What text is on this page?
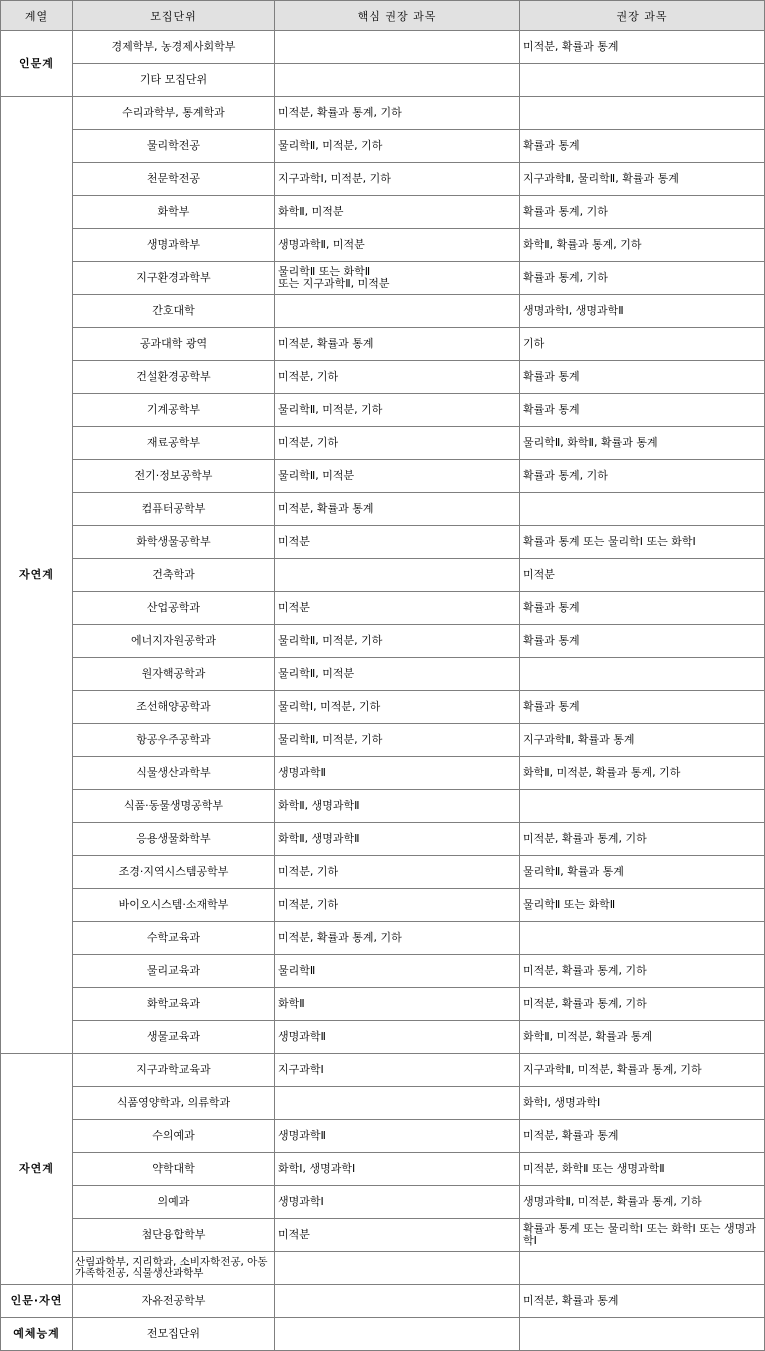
계열	모집단위	핵심 권장 과목	권장 과목
인문계	경제학부, 농경제사회학부		미적분, 확률과 통계
	기타 모집단위		
자연계	수리과학부, 통계학과	미적분, 확률과 통계, 기하	
	물리학전공	물리학Ⅱ, 미적분, 기하	확률과 통계
	천문학전공	지구과학Ⅰ, 미적분, 기하	지구과학Ⅱ, 물리학Ⅱ, 확률과 통계
	화학부	화학Ⅱ, 미적분	확률과 통계, 기하
	생명과학부	생명과학Ⅱ, 미적분	화학Ⅱ, 확률과 통계, 기하
	지구환경과학부	물리학Ⅱ 또는 화학Ⅱ
또는 지구과학Ⅱ, 미적분	확률과 통계, 기하
	간호대학		생명과학Ⅰ, 생명과학Ⅱ
	공과대학 광역	미적분, 확률과 통계	기하
	건설환경공학부	미적분, 기하	확률과 통계
	기계공학부	물리학Ⅱ, 미적분, 기하	확률과 통계
	재료공학부	미적분, 기하	물리학Ⅱ, 화학Ⅱ, 확률과 통계
	전기·정보공학부	물리학Ⅱ, 미적분	확률과 통계, 기하
	컴퓨터공학부	미적분, 확률과 통계	
	화학생물공학부	미적분	확률과 통계 또는 물리학Ⅰ 또는 화학Ⅰ
	건축학과		미적분
	산업공학과	미적분	확률과 통계
	에너지자원공학과	물리학Ⅱ, 미적분, 기하	확률과 통계
	원자핵공학과	물리학Ⅱ, 미적분	
	조선해양공학과	물리학Ⅰ, 미적분, 기하	확률과 통계
	항공우주공학과	물리학Ⅱ, 미적분, 기하	지구과학Ⅱ, 확률과 통계
	식물생산과학부	생명과학Ⅱ	화학Ⅱ, 미적분, 확률과 통계, 기하
	식품·동물생명공학부	화학Ⅱ, 생명과학Ⅱ	
	응용생물화학부	화학Ⅱ, 생명과학Ⅱ	미적분, 확률과 통계, 기하
	조경·지역시스템공학부	미적분, 기하	물리학Ⅱ, 확률과 통계
	바이오시스템·소재학부	미적분, 기하	물리학Ⅱ 또는 화학Ⅱ
	수학교육과	미적분, 확률과 통계, 기하	
	물리교육과	물리학Ⅱ	미적분, 확률과 통계, 기하
	화학교육과	화학Ⅱ	미적분, 확률과 통계, 기하
	생물교육과	생명과학Ⅱ	화학Ⅱ, 미적분, 확률과 통계
자연계	지구과학교육과	지구과학Ⅰ	지구과학Ⅱ, 미적분, 확률과 통계, 기하
	식품영양학과, 의류학과		화학Ⅰ, 생명과학Ⅰ
	수의예과	생명과학Ⅱ	미적분, 확률과 통계
	약학대학	화학Ⅰ, 생명과학Ⅰ	미적분, 화학Ⅱ 또는 생명과학Ⅱ
	의예과	생명과학Ⅰ	생명과학Ⅱ, 미적분, 확률과 통계, 기하
	첨단융합학부	미적분	확률과 통계 또는 물리학Ⅰ 또는 화학Ⅰ 또는 생명과학Ⅰ
	산림과학부, 지리학과, 소비자학전공, 아동가족학전공, 식물생산과학부		
인문·자연	자유전공학부		미적분, 확률과 통계
예체능계	전모집단위		
